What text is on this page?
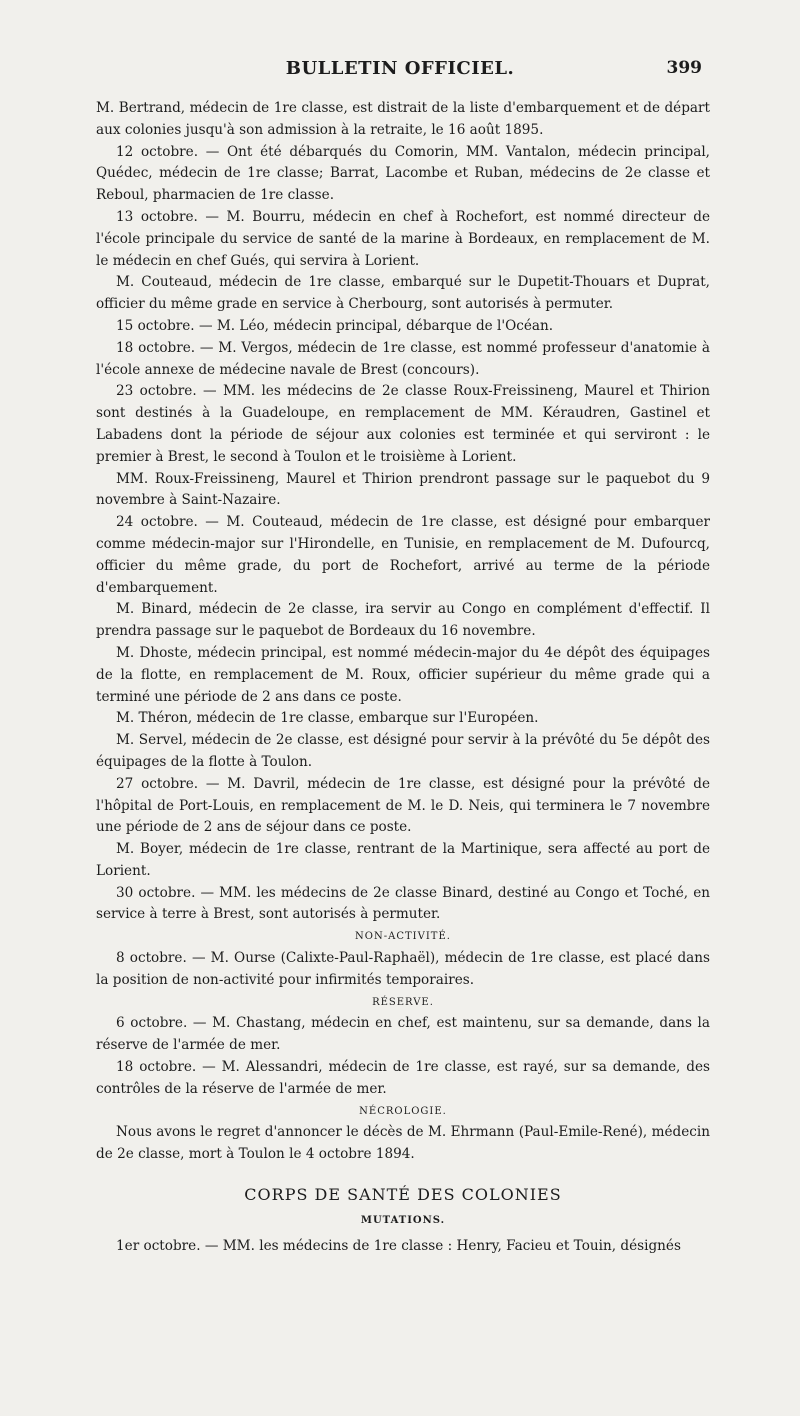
BULLETIN OFFICIEL.	399

M. Bertrand, médecin de 1re classe, est distrait de la liste d'embarquement et de départ aux colonies jusqu'à son admission à la retraite, le 16 août 1895.

12 octobre. — Ont été débarqués du Comorin, MM. Vantalon, médecin principal, Quédec, médecin de 1re classe; Barrat, Lacombe et Ruban, médecins de 2e classe et Reboul, pharmacien de 1re classe.

13 octobre. — M. Bourru, médecin en chef à Rochefort, est nommé directeur de l'école principale du service de santé de la marine à Bordeaux, en remplacement de M. le médecin en chef Gués, qui servira à Lorient.

M. Couteaud, médecin de 1re classe, embarqué sur le Dupetit-Thouars et Duprat, officier du même grade en service à Cherbourg, sont autorisés à permuter.

15 octobre. — M. Léo, médecin principal, débarque de l'Océan.

18 octobre. — M. Vergos, médecin de 1re classe, est nommé professeur d'anatomie à l'école annexe de médecine navale de Brest (concours).

23 octobre. — MM. les médecins de 2e classe Roux-Freissineng, Maurel et Thirion sont destinés à la Guadeloupe, en remplacement de MM. Kéraudren, Gastinel et Labadens dont la période de séjour aux colonies est terminée et qui serviront : le premier à Brest, le second à Toulon et le troisième à Lorient.

MM. Roux-Freissineng, Maurel et Thirion prendront passage sur le paquebot du 9 novembre à Saint-Nazaire.

24 octobre. — M. Couteaud, médecin de 1re classe, est désigné pour embarquer comme médecin-major sur l'Hirondelle, en Tunisie, en remplacement de M. Dufourcq, officier du même grade, du port de Rochefort, arrivé au terme de la période d'embarquement.

M. Binard, médecin de 2e classe, ira servir au Congo en complément d'effectif. Il prendra passage sur le paquebot de Bordeaux du 16 novembre.

M. Dhoste, médecin principal, est nommé médecin-major du 4e dépôt des équipages de la flotte, en remplacement de M. Roux, officier supérieur du même grade qui a terminé une période de 2 ans dans ce poste.

M. Théron, médecin de 1re classe, embarque sur l'Européen.

M. Servel, médecin de 2e classe, est désigné pour servir à la prévôté du 5e dépôt des équipages de la flotte à Toulon.

27 octobre. — M. Davril, médecin de 1re classe, est désigné pour la prévôté de l'hôpital de Port-Louis, en remplacement de M. le D. Neis, qui terminera le 7 novembre une période de 2 ans de séjour dans ce poste.

M. Boyer, médecin de 1re classe, rentrant de la Martinique, sera affecté au port de Lorient.

30 octobre. — MM. les médecins de 2e classe Binard, destiné au Congo et Toché, en service à terre à Brest, sont autorisés à permuter.

NON-ACTIVITÉ.

8 octobre. — M. Ourse (Calixte-Paul-Raphaël), médecin de 1re classe, est placé dans la position de non-activité pour infirmités temporaires.

RÉSERVE.

6 octobre. — M. Chastang, médecin en chef, est maintenu, sur sa demande, dans la réserve de l'armée de mer.

18 octobre. — M. Alessandri, médecin de 1re classe, est rayé, sur sa demande, des contrôles de la réserve de l'armée de mer.

NÉCROLOGIE.

Nous avons le regret d'annoncer le décès de M. Ehrmann (Paul-Emile-René), médecin de 2e classe, mort à Toulon le 4 octobre 1894.

CORPS DE SANTÉ DES COLONIES
MUTATIONS.

1er octobre. — MM. les médecins de 1re classe : Henry, Facieu et Touin, désignés
